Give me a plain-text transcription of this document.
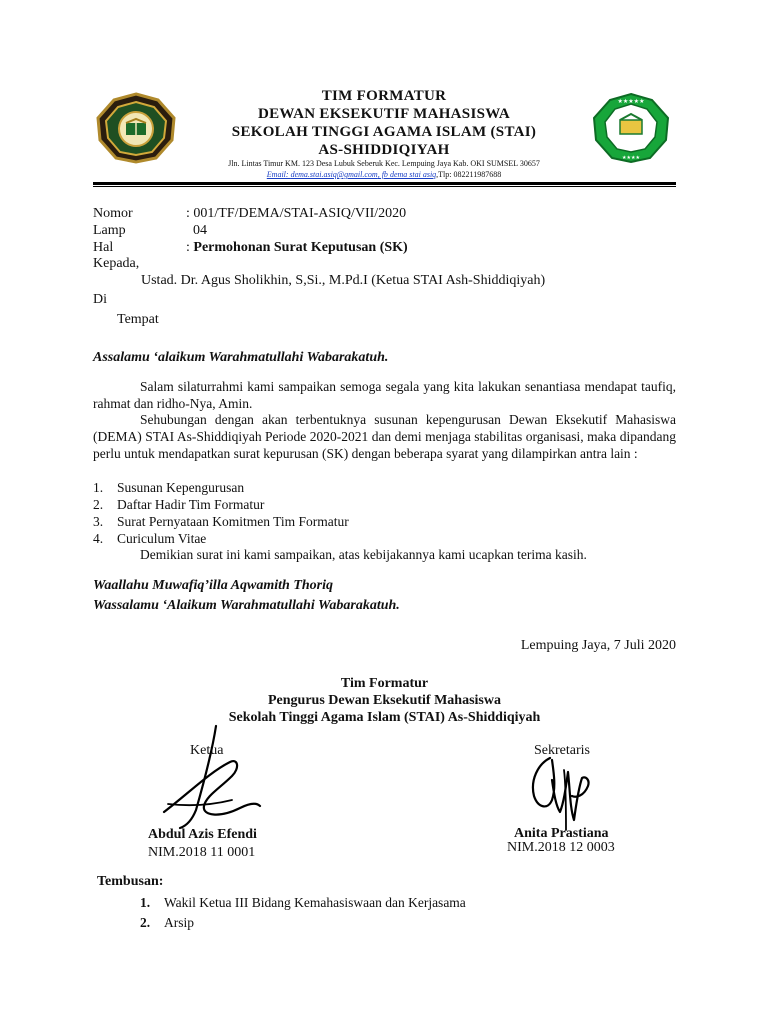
★★★★★
★★★★
TIM FORMATUR
DEWAN EKSEKUTIF MAHASISWA
SEKOLAH TINGGI AGAMA ISLAM (STAI)
AS-SHIDDIQIYAH
Jln. Lintas Timur KM. 123 Desa Lubuk Seberuk Kec. Lempuing Jaya Kab. OKI SUMSEL 30657
Email: dema.stai.asiq@gmail.com, fb dema stai asiq,Tlp: 082211987688
Nomor	: 001/TF/DEMA/STAI-ASIQ/VII/2020
Lamp	04
Hal	: Permohonan Surat Keputusan (SK)
Kepada,
Ustad. Dr. Agus Sholikhin, S,Si., M.Pd.I (Ketua STAI Ash-Shiddiqiyah)
Di
Tempat
Assalamu ‘alaikum Warahmatullahi Wabarakatuh.
Salam silaturrahmi kami sampaikan semoga segala yang kita lakukan senantiasa mendapat taufiq, rahmat dan ridho-Nya, Amin.
Sehubungan dengan akan terbentuknya susunan kepengurusan Dewan Eksekutif Mahasiswa (DEMA) STAI As-Shiddiqiyah Periode 2020-2021 dan demi menjaga stabilitas organisasi, maka dipandang perlu untuk mendapatkan surat kepurusan (SK) dengan beberapa syarat yang dilampirkan antra lain :
1. Susunan Kepengurusan
2. Daftar Hadir Tim Formatur
3. Surat Pernyataan Komitmen Tim Formatur
4. Curiculum Vitae
Demikian surat ini kami sampaikan, atas kebijakannya kami ucapkan terima kasih.
Waallahu Muwafiq’illa Aqwamith Thoriq
Wassalamu ‘Alaikum Warahmatullahi Wabarakatuh.
Lempuing Jaya, 7 Juli 2020
Tim Formatur
Pengurus Dewan Eksekutif Mahasiswa
Sekolah Tinggi Agama Islam (STAI) As-Shiddiqiyah
Ketua	Sekretaris
Abdul Azis Efendi
NIM.2018 11 0001
Anita Prastiana
NIM.2018 12 0003
Tembusan:
1. Wakil Ketua III Bidang Kemahasiswaan dan Kerjasama
2. Arsip
